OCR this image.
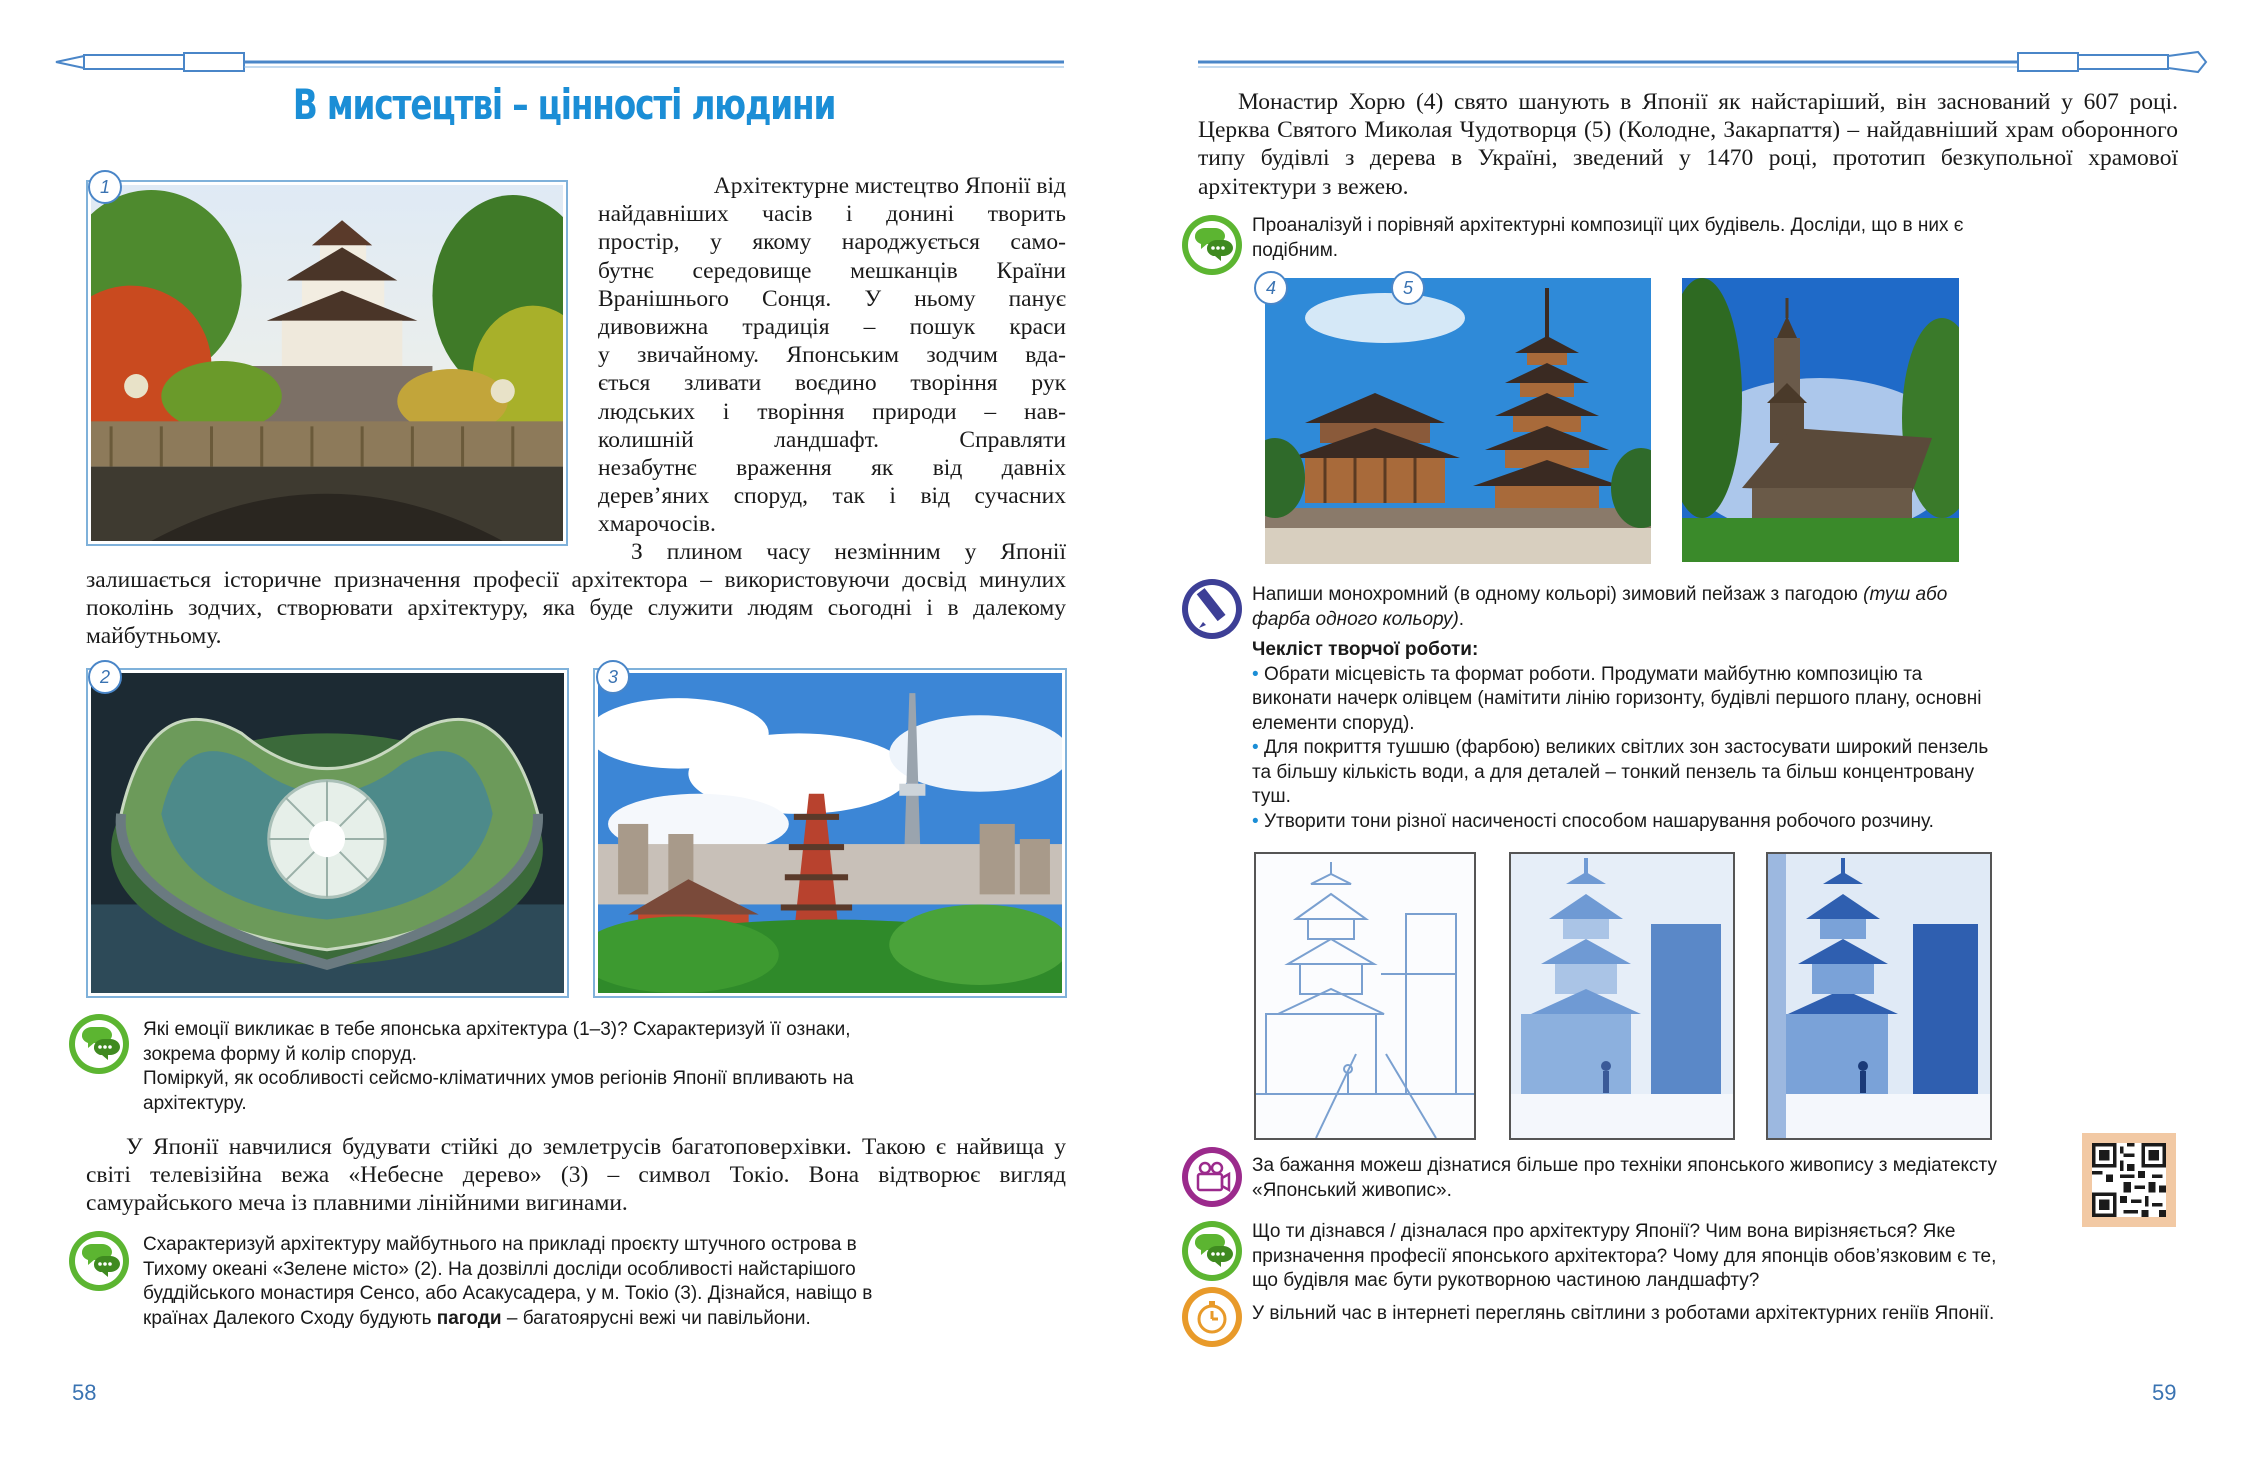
В мистецтві – цінності людини
1	Архітектурне мистецтво Японії від
найдавніших часів і донині творить
простір, у якому народжується само-
бутнє середовище мешканців Країни
Вранішнього Сонця. У ньому панує
дивовижна традиція – пошук краси
у звичайному. Японським зодчим вда-
ється зливати воєдино творіння рук
людських і творіння природи – нав-
колишній ландшафт. Справляти
незабутнє враження як від давніх
дерев’яних споруд, так і від сучасних
хмарочосів.
З плином часу незмінним у Японії
залишається історичне призначення професії архітектора – використовуючи досвід минулих поколінь зодчих, створювати архітектуру, яка буде служити людям сьогодні і в далекому майбутньому.
2	3
Які емоції викликає в тебе японська архітектура (1–3)? Схарактеризуй її ознаки, зокрема форму й колір споруд.
Поміркуй, як особливості сейсмо-кліматичних умов регіонів Японії впливають на архітектуру.
У Японії навчилися будувати стійкі до землетрусів багатоповерхівки. Такою є найвища у світі телевізійна вежа «Небесне дерево» (3) – символ Токіо. Вона відтворює вигляд самурайського меча із плавними лінійними вигинами.
Схарактеризуй архітектуру майбутнього на прикладі проєкту штучного острова в Тихому океані «Зелене місто» (2). На дозвіллі досліди особливості найстарішого буддійського монастиря Сенсо, або Асакусадера, у м. Токіо (3). Дізнайся, навіщо в країнах Далекого Сходу будують пагоди – багатоярусні вежі чи павільйони.
58
Монастир Хорю (4) свято шанують в Японії як найстаріший, він заснований у 607 році. Церква Святого Миколая Чудотворця (5) (Колодне, Закарпаття) – найдавніший храм оборонного типу будівлі з дерева в Україні, зведений у 1470 році, прототип безкупольної храмової архітектури з вежею.
Проаналізуй і порівняй архітектурні композиції цих будівель. Досліди, що в них є подібним.
4	5
Напиши монохромний (в одному кольорі) зимовий пейзаж з пагодою (туш або фарба одного кольору).
Чекліст творчої роботи:
• Обрати місцевість та формат роботи. Продумати майбутню композицію та виконати начерк олівцем (намітити лінію горизонту, будівлі першого плану, основні елементи споруд).
• Для покриття тушшю (фарбою) великих світлих зон застосувати широкий пензель та більшу кількість води, а для деталей – тонкий пензель та більш концентровану туш.
• Утворити тони різної насиченості способом нашарування робочого розчину.
За бажання можеш дізнатися більше про техніки японського живопису з медіатексту «Японський живопис».
Що ти дізнався / дізналася про архітектуру Японії? Чим вона вирізняється? Яке призначення професії японського архітектора? Чому для японців обов’язковим є те, що будівля має бути рукотворною частиною ландшафту?
У вільний час в інтернеті переглянь світлини з роботами архітектурних геніїв Японії.
59
